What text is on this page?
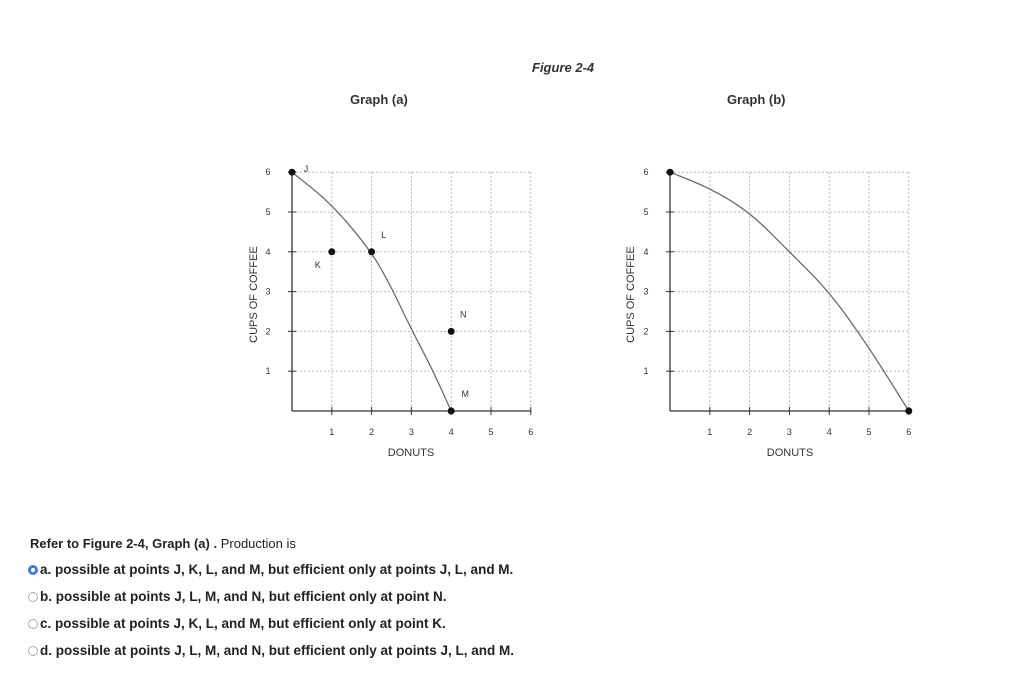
Figure 2-4
Graph (a)	Graph (b)
1	2	3	4	5	6
1
2
3
4
5
6
DONUTS
CUPS OF COFFEE
J
K
L
N
M
1	2	3	4	5	6
1
2
3
4
5
6
DONUTS
CUPS OF COFFEE
Refer to Figure 2-4, Graph (a) . Production is
a.
possible at points J, K, L, and M, but efficient only at points J, L, and M.
b.
possible at points J, L, M, and N, but efficient only at point N.
c.
possible at points J, K, L, and M, but efficient only at point K.
d.
possible at points J, L, M, and N, but efficient only at points J, L, and M.
